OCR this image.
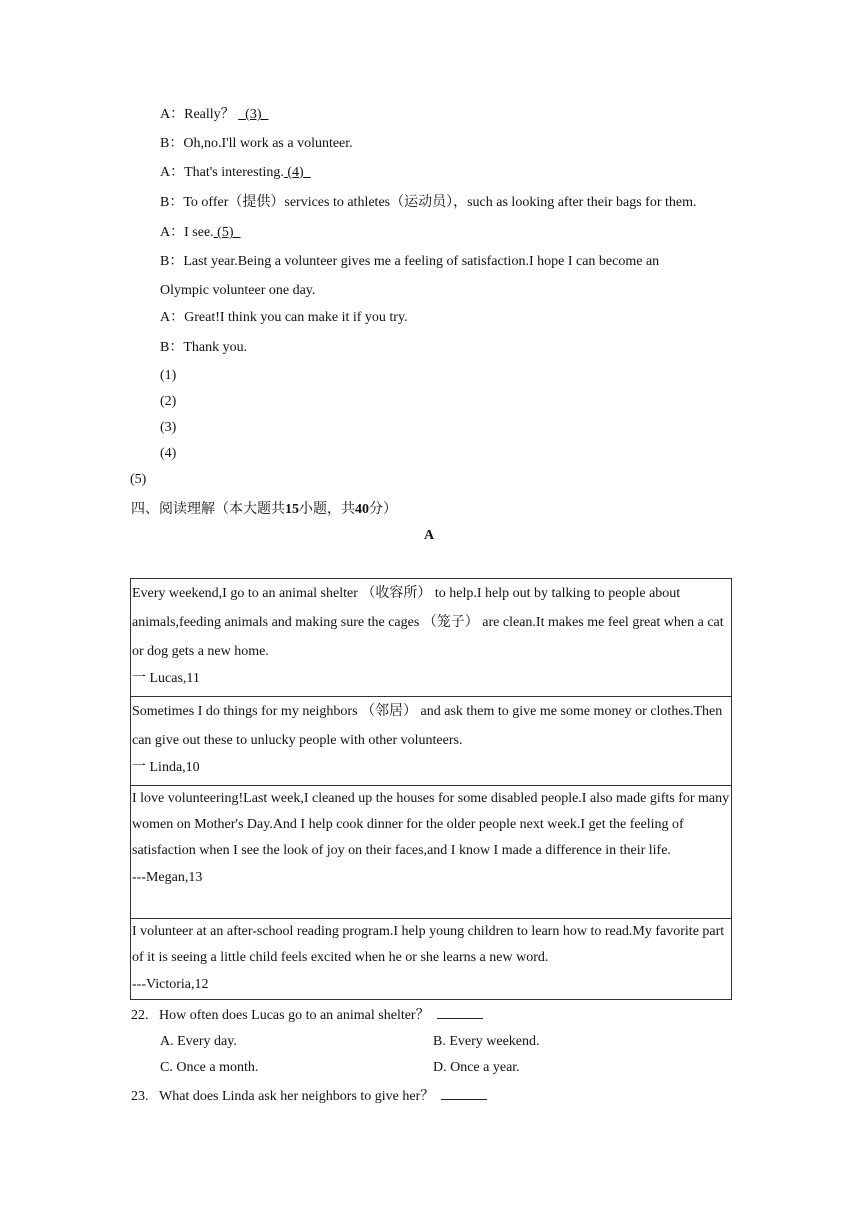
A：Really？ (3)
B：Oh,no.I'll work as a volunteer.
A：That's interesting. (4)
B：To offer（提供）services to athletes（运动员），such as looking after their bags for them.
A：I see. (5)
B：Last year.Being a volunteer gives me a feeling of satisfaction.I hope I can become an
Olympic volunteer one day.
A：Great!I think you can make it if you try.
B：Thank you.
(1)
(2)
(3)
(4)
(5)
四、阅读理解（本大题共15小题，共40分）
A
Every weekend,I go to an animal shelter （收容所） to help.I help out by talking to people about animals,feeding animals and making sure the cages （笼子） are clean.It makes me feel great when a cat or dog gets a new home.
一 Lucas,11

Sometimes I do things for my neighbors （邻居） and ask them to give me some money or clothes.Then can give out these to unlucky people with other volunteers.
一 Linda,10

I love volunteering!Last week,I cleaned up the houses for some disabled people.I also made gifts for many women on Mother's Day.And I help cook dinner for the older people next week.I get the feeling of satisfaction when I see the look of joy on their faces,and I know I made a difference in their life.
---Megan,13

I volunteer at an after-school reading program.I help young children to learn how to read.My favorite part of it is seeing a little child feels excited when he or she learns a new word.
---Victoria,12
22. How often does Lucas go to an animal shelter？
A. Every day.	B. Every weekend.
C. Once a month.	D. Once a year.
23. What does Linda ask her neighbors to give her？
